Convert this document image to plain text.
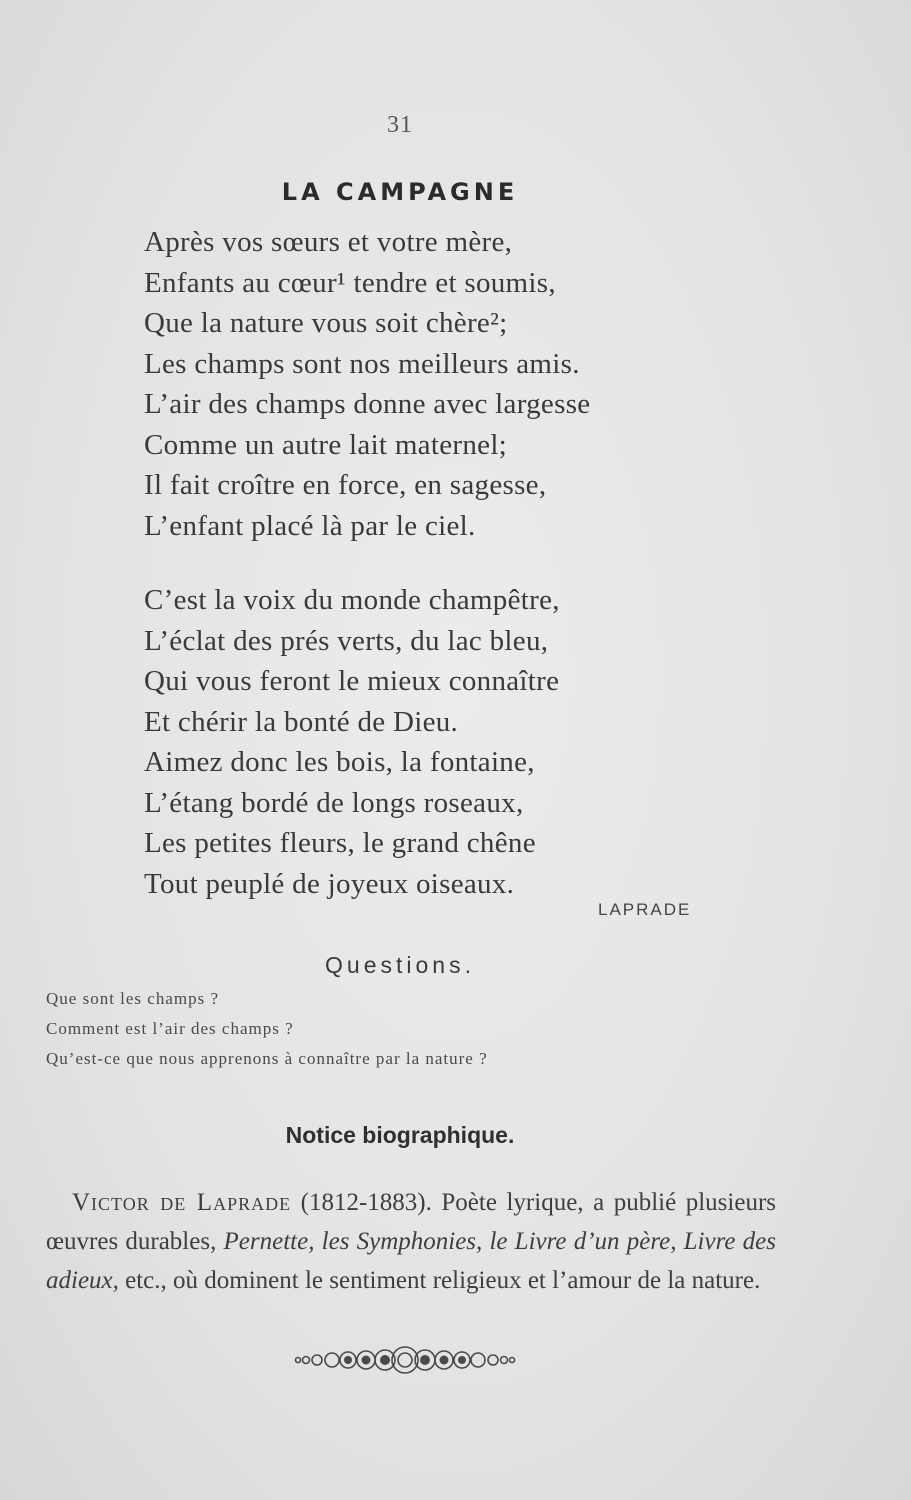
31
LA CAMPAGNE
Après vos sœurs et votre mère,
Enfants au cœur¹ tendre et soumis,
Que la nature vous soit chère²;
Les champs sont nos meilleurs amis.
L’air des champs donne avec largesse
Comme un autre lait maternel;
Il fait croître en force, en sagesse,
L’enfant placé là par le ciel.
C’est la voix du monde champêtre,
L’éclat des prés verts, du lac bleu,
Qui vous feront le mieux connaître
Et chérir la bonté de Dieu.
Aimez donc les bois, la fontaine,
L’étang bordé de longs roseaux,
Les petites fleurs, le grand chêne
Tout peuplé de joyeux oiseaux.
LAPRADE
Questions.
Que sont les champs ?
Comment est l’air des champs ?
Qu’est-ce que nous apprenons à connaître par la nature ?
Notice biographique.

Victor de Laprade (1812-1883). Poète lyrique, a publié plusieurs œuvres durables, Pernette, les Symphonies, le Livre d’un père, Livre des adieux, etc., où dominent le sentiment religieux et l’amour de la nature.
